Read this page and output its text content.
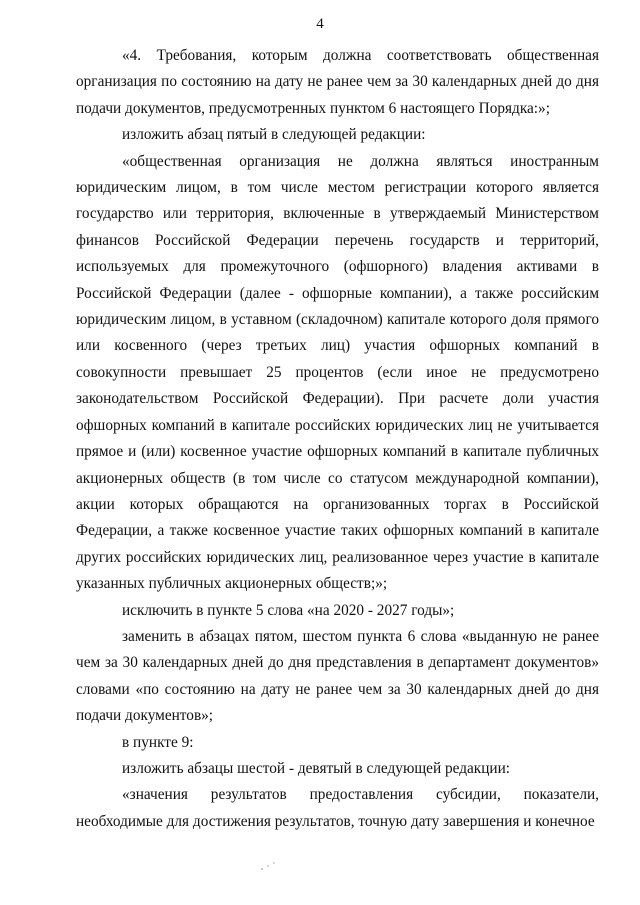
4

«4. Требования, которым должна соответствовать общественная организация по состоянию на дату не ранее чем за 30 календарных дней до дня подачи документов, предусмотренных пунктом 6 настоящего Порядка:»;

изложить абзац пятый в следующей редакции:

«общественная организация не должна являться иностранным юридическим лицом, в том числе местом регистрации которого является государство или территория, включенные в утверждаемый Министерством финансов Российской Федерации перечень государств и территорий, используемых для промежуточного (офшорного) владения активами в Российской Федерации (далее - офшорные компании), а также российским юридическим лицом, в уставном (складочном) капитале которого доля прямого или косвенного (через третьих лиц) участия офшорных компаний в совокупности превышает 25 процентов (если иное не предусмотрено законодательством Российской Федерации). При расчете доли участия офшорных компаний в капитале российских юридических лиц не учитывается прямое и (или) косвенное участие офшорных компаний в капитале публичных акционерных обществ (в том числе со статусом международной компании), акции которых обращаются на организованных торгах в Российской Федерации, а также косвенное участие таких офшорных компаний в капитале других российских юридических лиц, реализованное через участие в капитале указанных публичных акционерных обществ;»;

исключить в пункте 5 слова «на 2020 - 2027 годы»;

заменить в абзацах пятом, шестом пункта 6 слова «выданную не ранее чем за 30 календарных дней до дня представления в департамент документов» словами «по состоянию на дату не ранее чем за 30 календарных дней до дня подачи документов»;

в пункте 9:

изложить абзацы шестой - девятый в следующей редакции:

«значения результатов предоставления субсидии, показатели, необходимые для достижения результатов, точную дату завершения и конечное
